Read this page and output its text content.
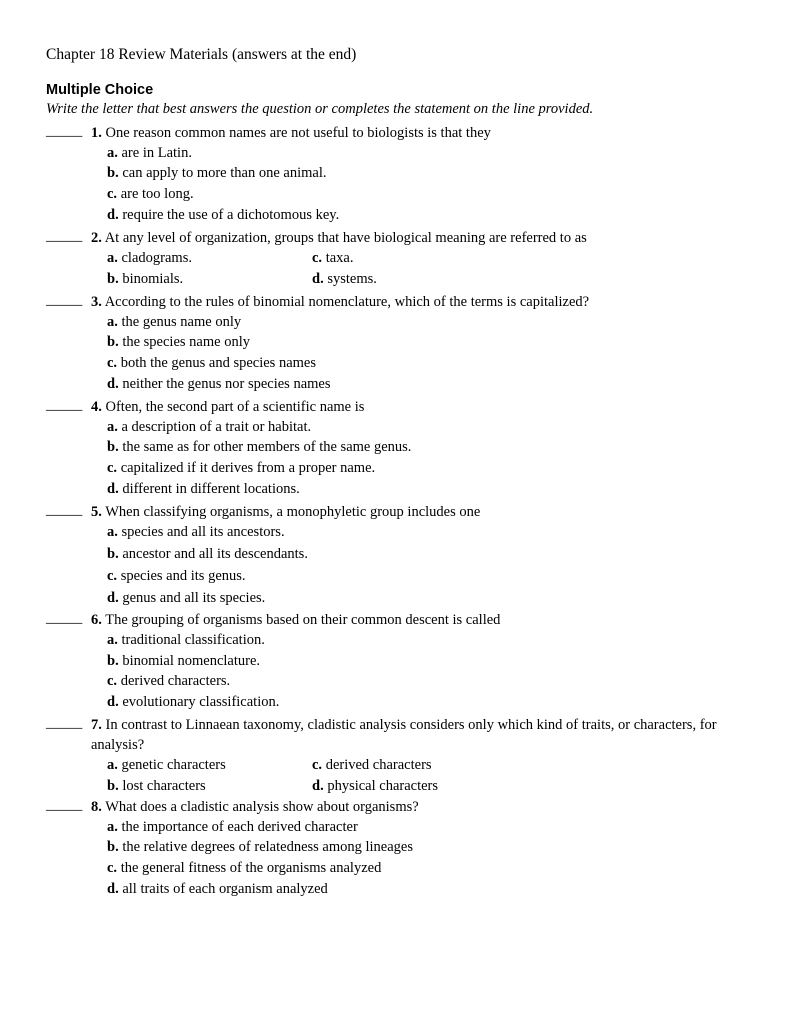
Chapter 18 Review Materials (answers at the end)
Multiple Choice
Write the letter that best answers the question or completes the statement on the line provided.
_____ 1. One reason common names are not useful to biologists is that they
a. are in Latin.
b. can apply to more than one animal.
c. are too long.
d. require the use of a dichotomous key.
_____ 2. At any level of organization, groups that have biological meaning are referred to as
a. cladograms.
b. binomials.
c. taxa.
d. systems.
_____ 3. According to the rules of binomial nomenclature, which of the terms is capitalized?
a. the genus name only
b. the species name only
c. both the genus and species names
d. neither the genus nor species names
_____ 4. Often, the second part of a scientific name is
a. a description of a trait or habitat.
b. the same as for other members of the same genus.
c. capitalized if it derives from a proper name.
d. different in different locations.
_____ 5. When classifying organisms, a monophyletic group includes one
a. species and all its ancestors.
b. ancestor and all its descendants.
c. species and its genus.
d. genus and all its species.
_____ 6. The grouping of organisms based on their common descent is called
a. traditional classification.
b. binomial nomenclature.
c. derived characters.
d. evolutionary classification.
_____ 7. In contrast to Linnaean taxonomy, cladistic analysis considers only which kind of traits, or characters, for analysis?
a. genetic characters
b. lost characters
c. derived characters
d. physical characters
_____ 8. What does a cladistic analysis show about organisms?
a. the importance of each derived character
b. the relative degrees of relatedness among lineages
c. the general fitness of the organisms analyzed
d. all traits of each organism analyzed
